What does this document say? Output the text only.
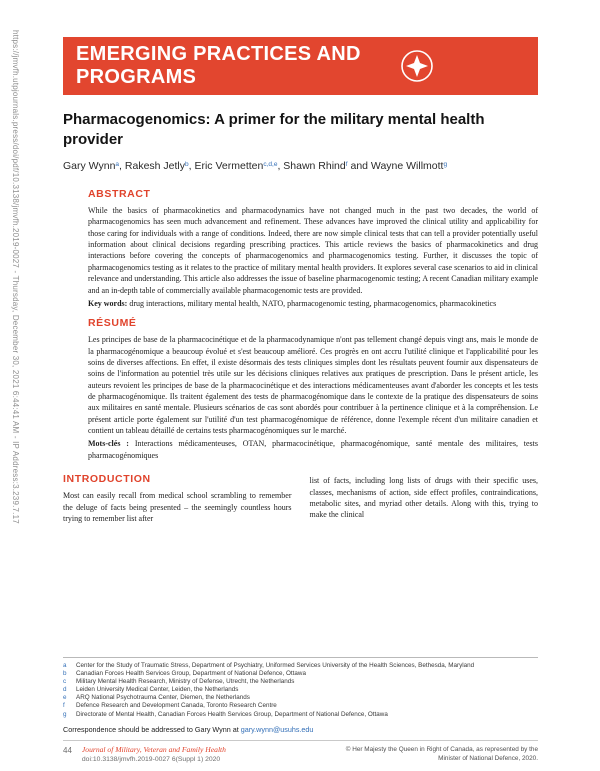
https://jmvfh.utpjournals.press/doi/pdf/10.3138/jmvfh.2019-0027 - Thursday, December 30, 2021 6:44:41 AM - IP Address:3.239.7.17	EMERGING PRACTICES AND
PROGRAMS
Pharmacogenomics: A primer for the military mental health provider
Gary Wynn$^a$, Rakesh Jetly$^b$, Eric Vermetten$^{c,d,e}$, Shawn Rhind$^f$ and Wayne Willmott$^g$
ABSTRACT

While the basics of pharmacokinetics and pharmacodynamics have not changed much in the past two decades, the world of pharmacogenomics has seen much advancement and refinement. These advances have improved the clinical utility and applicability for those caring for individuals with a range of conditions. Indeed, there are now simple clinical tests that can tell a provider potentially useful information about clinical decisions regarding prescribing practices. This article reviews the basics of pharmacokinetics and drug interactions before covering the concepts of pharmacogenomics and pharmacogenomics testing. Further, it discusses the topic of pharmacogenomics testing as it relates to the practice of military mental health providers. It explores several case scenarios to aid in clinical relevance and understanding. This article also addresses the issue of baseline pharmacogenomic testing; A recent Canadian military example and an in-depth table of commercially available pharmacogenomic tests are provided.

Key words: drug interactions, military mental health, NATO, pharmacogenomic testing, pharmacogenomics, pharmacokinetics

RÉSUMÉ

Les principes de base de la pharmacocinétique et de la pharmacodynamique n'ont pas tellement changé depuis vingt ans, mais le monde de la pharmacogénomique a beaucoup évolué et s'est beaucoup amélioré. Ces progrès en ont accru l'utilité clinique et l'applicabilité pour les soins de diverses affections. En effet, il existe désormais des tests cliniques simples dont les résultats peuvent fournir aux dispensateurs de soins de l'information au potentiel très utile sur les décisions cliniques relatives aux pratiques de prescription. Dans le présent article, les auteurs revoient les principes de base de la pharmacocinétique et des interactions médicamenteuses avant d'aborder les concepts et les tests de pharmacogénomique. Ils traitent également des tests de pharmacogénomique dans le contexte de la pratique des dispensateurs de soins aux militaires en santé mentale. Plusieurs scénarios de cas sont abordés pour contribuer à la pertinence clinique et à la compréhension. Le présent article porte également sur l'utilité d'un test pharmacogénomique de référence, donne l'exemple récent d'un militaire canadien et contient un tableau détaillé de certains tests pharmacogénomiques sur le marché.

Mots-clés : Interactions médicamenteuses, OTAN, pharmacocinétique, pharmacogénomique, santé mentale des militaires, tests pharmacogénomiques

INTRODUCTION

Most can easily recall from medical school scrambling to remember the deluge of facts being presented – the seemingly countless hours trying to remember list after

list of facts, including long lists of drugs with their specific uses, classes, mechanisms of action, side effect profiles, contraindications, metabolic sites, and myriad other details. Along with this, trying to make the clinical

a	Center for the Study of Traumatic Stress, Department of Psychiatry, Uniformed Services University of the Health Sciences, Bethesda, Maryland
b	Canadian Forces Health Services Group, Department of National Defence, Ottawa
c	Military Mental Health Research, Ministry of Defense, Utrecht, the Netherlands
d	Leiden University Medical Center, Leiden, the Netherlands
e	ARQ National Psychotrauma Center, Diemen, the Netherlands
f	Defence Research and Development Canada, Toronto Research Centre
g	Directorate of Mental Health, Canadian Forces Health Services Group, Department of National Defence, Ottawa

Correspondence should be addressed to Gary Wynn at gary.wynn@usuhs.edu

44 Journal of Military, Veteran and Family Health
doi:10.3138/jmvfh.2019-0027 6(Suppl 1) 2020
© Her Majesty the Queen in Right of Canada, as represented by the
Minister of National Defence, 2020.
